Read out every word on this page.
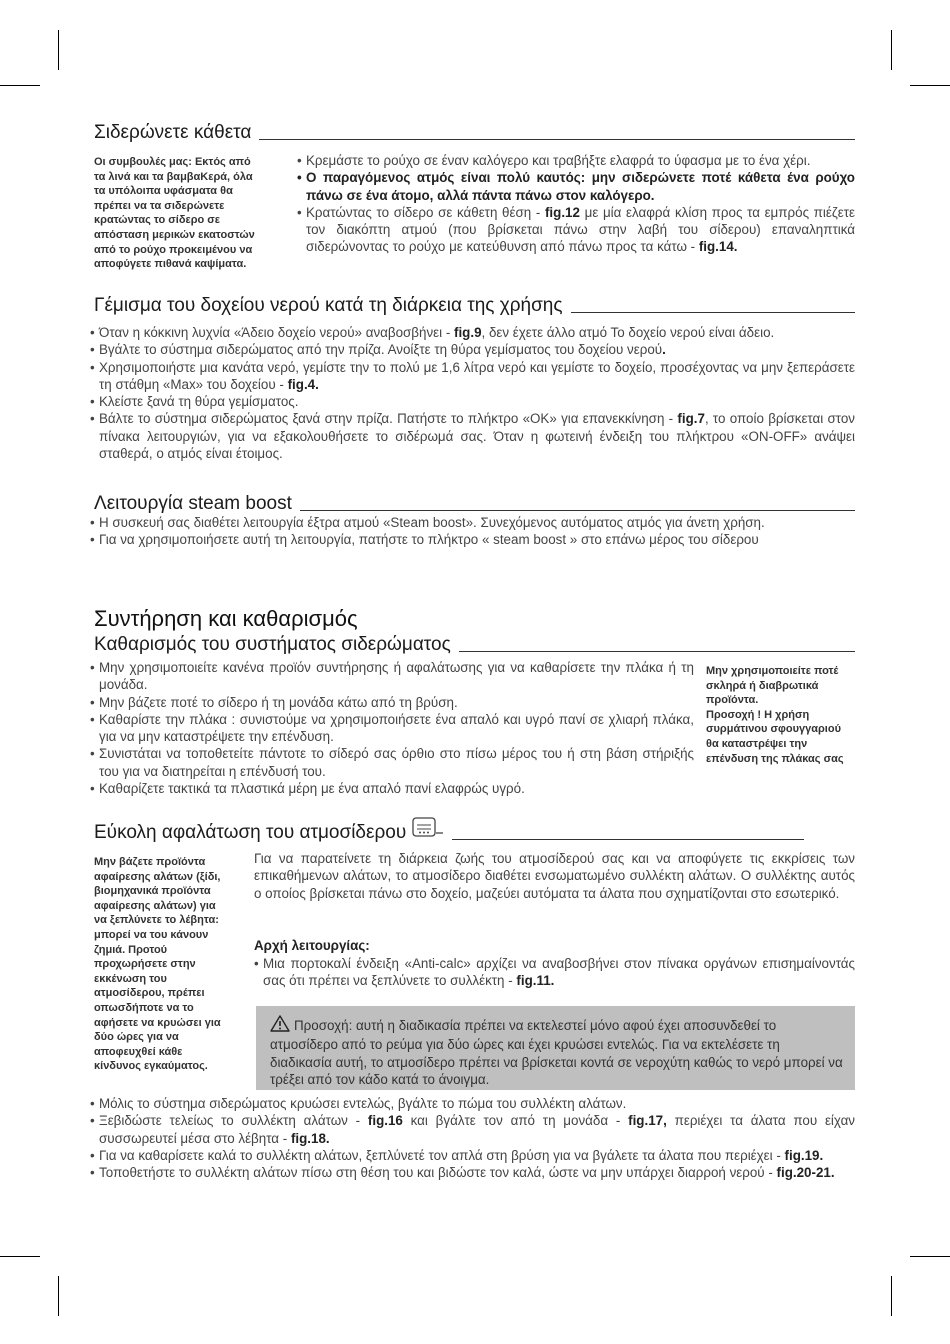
Σιδερώνετε κάθετα
Οι συμβουλές μας: Εκτός από τα λινά και τα βαμβαΚερά, όλα τα υπόλοιπα υφάσματα θα πρέπει να τα σιδερώνετε κρατώντας το σίδερο σε απόσταση μερικών εκατοστών από το ρούχο προκειμένου να αποφύγετε πιθανά καψίματα.
• Κρεμάστε το ρούχο σε έναν καλόγερο και τραβήξτε ελαφρά το ύφασμα με το ένα χέρι.
• Ο παραγόμενος ατμός είναι πολύ καυτός: μην σιδερώνετε ποτέ κάθετα ένα ρούχο πάνω σε ένα άτομο, αλλά πάντα πάνω στον καλόγερο.
• Κρατώντας το σίδερο σε κάθετη θέση - fig.12 με μία ελαφρά κλίση προς τα εμπρός πιέζετε τον διακόπτη ατμού (που βρίσκεται πάνω στην λαβή του σίδερου) επαναληπτικά σιδερώνοντας το ρούχο με κατεύθυνση από πάνω προς τα κάτω - fig.14.
Γέμισμα του δοχείου νερού κατά τη διάρκεια της χρήσης
• Όταν η κόκκινη λυχνία «Άδειο δοχείο νερού» αναβοσβήνει - fig.9, δεν έχετε άλλο ατμό Το δοχείο νερού είναι άδειο.
• Βγάλτε το σύστημα σιδερώματος από την πρίζα. Ανοίξτε τη θύρα γεμίσματος του δοχείου νερού.
• Χρησιμοποιήστε μια κανάτα νερό, γεμίστε την το πολύ με 1,6 λίτρα νερό και γεμίστε το δοχείο, προσέχοντας να μην ξεπεράσετε τη στάθμη «Max» του δοχείου - fig.4.
• Κλείστε ξανά τη θύρα γεμίσματος.
• Βάλτε το σύστημα σιδερώματος ξανά στην πρίζα. Πατήστε το πλήκτρο «OK» για επανεκκίνηση - fig.7, το οποίο βρίσκεται στον πίνακα λειτουργιών, για να εξακολουθήσετε το σιδέρωμά σας. Όταν η φωτεινή ένδειξη του πλήκτρου «ON-OFF» ανάψει σταθερά, ο ατμός είναι έτοιμος.
Λειτουργία steam boost
• Η συσκευή σας διαθέτει λειτουργία έξτρα ατμού «Steam boost». Συνεχόμενος αυτόματος ατμός για άνετη χρήση.
• Για να χρησιμοποιήσετε αυτή τη λειτουργία, πατήστε το πλήκτρο « steam boost » στο επάνω μέρος του σίδερου
Συντήρηση και καθαρισμός
Καθαρισμός του συστήματος σιδερώματος
• Μην χρησιμοποιείτε κανένα προϊόν συντήρησης ή αφαλάτωσης για να καθαρίσετε την πλάκα ή τη μονάδα.
• Μην βάζετε ποτέ το σίδερο ή τη μονάδα κάτω από τη βρύση.
• Καθαρίστε την πλάκα : συνιστούμε να χρησιμοποιήσετε ένα απαλό και υγρό πανί σε χλιαρή πλάκα, για να μην καταστρέψετε την επένδυση.
• Συνιστάται να τοποθετείτε πάντοτε το σίδερό σας όρθιο στο πίσω μέρος του ή στη βάση στήριξής του για να διατηρείται η επένδυσή του.
• Καθαρίζετε τακτικά τα πλαστικά μέρη με ένα απαλό πανί ελαφρώς υγρό.
Μην χρησιμοποιείτε ποτέ σκληρά ή διαβρωτικά προϊόντα.
Προσοχή ! Η χρήση συρμάτινου σφουγγαριού θα καταστρέψει την επένδυση της πλάκας σας
Εύκολη αφαλάτωση του ατμοσίδερου
Μην βάζετε προϊόντα αφαίρεσης αλάτων (ξίδι, βιομηχανικά προϊόντα αφαίρεσης αλάτων) για να ξεπλύνετε το λέβητα: μπορεί να του κάνουν ζημιά. Προτού προχωρήσετε στην εκκένωση του ατμοσίδερου, πρέπει οπωσδήποτε να το αφήσετε να κρυώσει για δύο ώρες για να αποφευχθεί κάθε κίνδυνος εγκαύματος.

Για να παρατείνετε τη διάρκεια ζωής του ατμοσίδερού σας και να αποφύγετε τις εκκρίσεις των επικαθήμενων αλάτων, το ατμοσίδερο διαθέτει ενσωματωμένο συλλέκτη αλάτων. Ο συλλέκτης αυτός ο οποίος βρίσκεται πάνω στο δοχείο, μαζεύει αυτόματα τα άλατα που σχηματίζονται στο εσωτερικό.

Αρχή λειτουργίας:
• Μια πορτοκαλί ένδειξη «Anti-calc» αρχίζει να αναβοσβήνει στον πίνακα οργάνων επισημαίνοντάς σας ότι πρέπει να ξεπλύνετε το συλλέκτη - fig.11.
Προσοχή: αυτή η διαδικασία πρέπει να εκτελεστεί μόνο αφού έχει αποσυνδεθεί το ατμοσίδερο από το ρεύμα για δύο ώρες και έχει κρυώσει εντελώς. Για να εκτελέσετε τη διαδικασία αυτή, το ατμοσίδερο πρέπει να βρίσκεται κοντά σε νεροχύτη καθώς το νερό μπορεί να τρέξει από τον κάδο κατά το άνοιγμα.
• Μόλις το σύστημα σιδερώματος κρυώσει εντελώς, βγάλτε το πώμα του συλλέκτη αλάτων.
• Ξεβιδώστε τελείως το συλλέκτη αλάτων - fig.16 και βγάλτε τον από τη μονάδα - fig.17, περιέχει τα άλατα που είχαν συσσωρευτεί μέσα στο λέβητα - fig.18.
• Για να καθαρίσετε καλά το συλλέκτη αλάτων, ξεπλύνετέ τον απλά στη βρύση για να βγάλετε τα άλατα που περιέχει - fig.19.
• Τοποθετήστε το συλλέκτη αλάτων πίσω στη θέση του και βιδώστε τον καλά, ώστε να μην υπάρχει διαρροή νερού - fig.20-21.
